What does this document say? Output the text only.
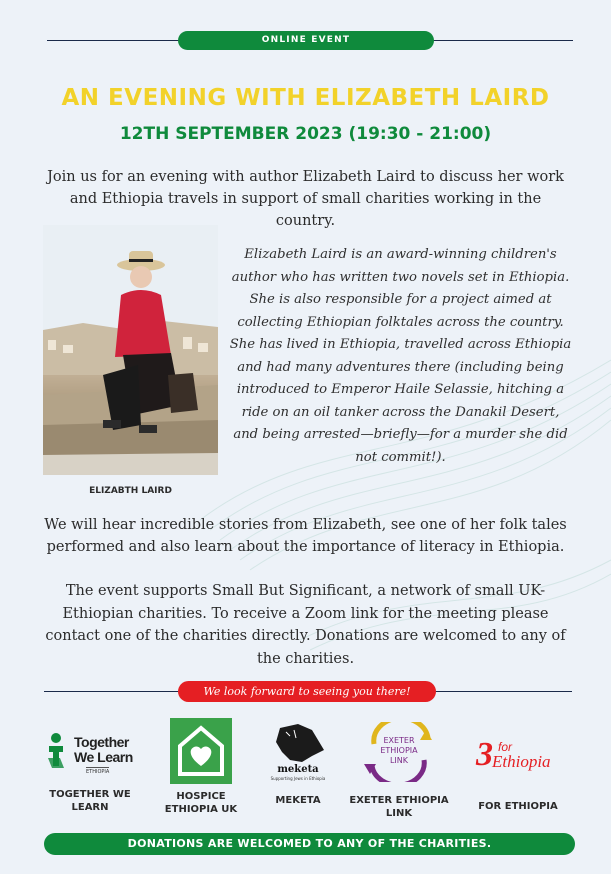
ONLINE EVENT
AN EVENING WITH ELIZABETH LAIRD
12TH SEPTEMBER 2023 (19:30 - 21:00)
Join us for an evening with author Elizabeth Laird to discuss her work and Ethiopia travels in support of small charities working in the country.
ELIZABTH LAIRD
Elizabeth Laird is an award-winning children's author who has written two novels set in Ethiopia. She is also responsible for a project aimed at collecting Ethiopian folktales across the country. She has lived in Ethiopia, travelled across Ethiopia and had many adventures there (including being introduced to Emperor Haile Selassie, hitching a ride on an oil tanker across the Danakil Desert, and being arrested—briefly—for a murder she did not commit!).
We will hear incredible stories from Elizabeth, see one of her folk tales performed and also learn about the importance of literacy in Ethiopia.
The event supports Small But Significant, a network of small UK-Ethiopian charities. To receive a Zoom link for the meeting please contact one of the charities directly. Donations are welcomed to any of the charities.
We look forward to seeing you there!
Together
We Learn
ETHIOPIA
TOGETHER WE LEARN
HOSPICE ETHIOPIA UK
meketa
Supporting Jews in Ethiopia
MEKETA
EXETER
ETHIOPIA
LINK
EXETER ETHIOPIA LINK
3 for
Ethiopia
FOR ETHIOPIA
DONATIONS ARE WELCOMED TO ANY OF THE CHARITIES.
